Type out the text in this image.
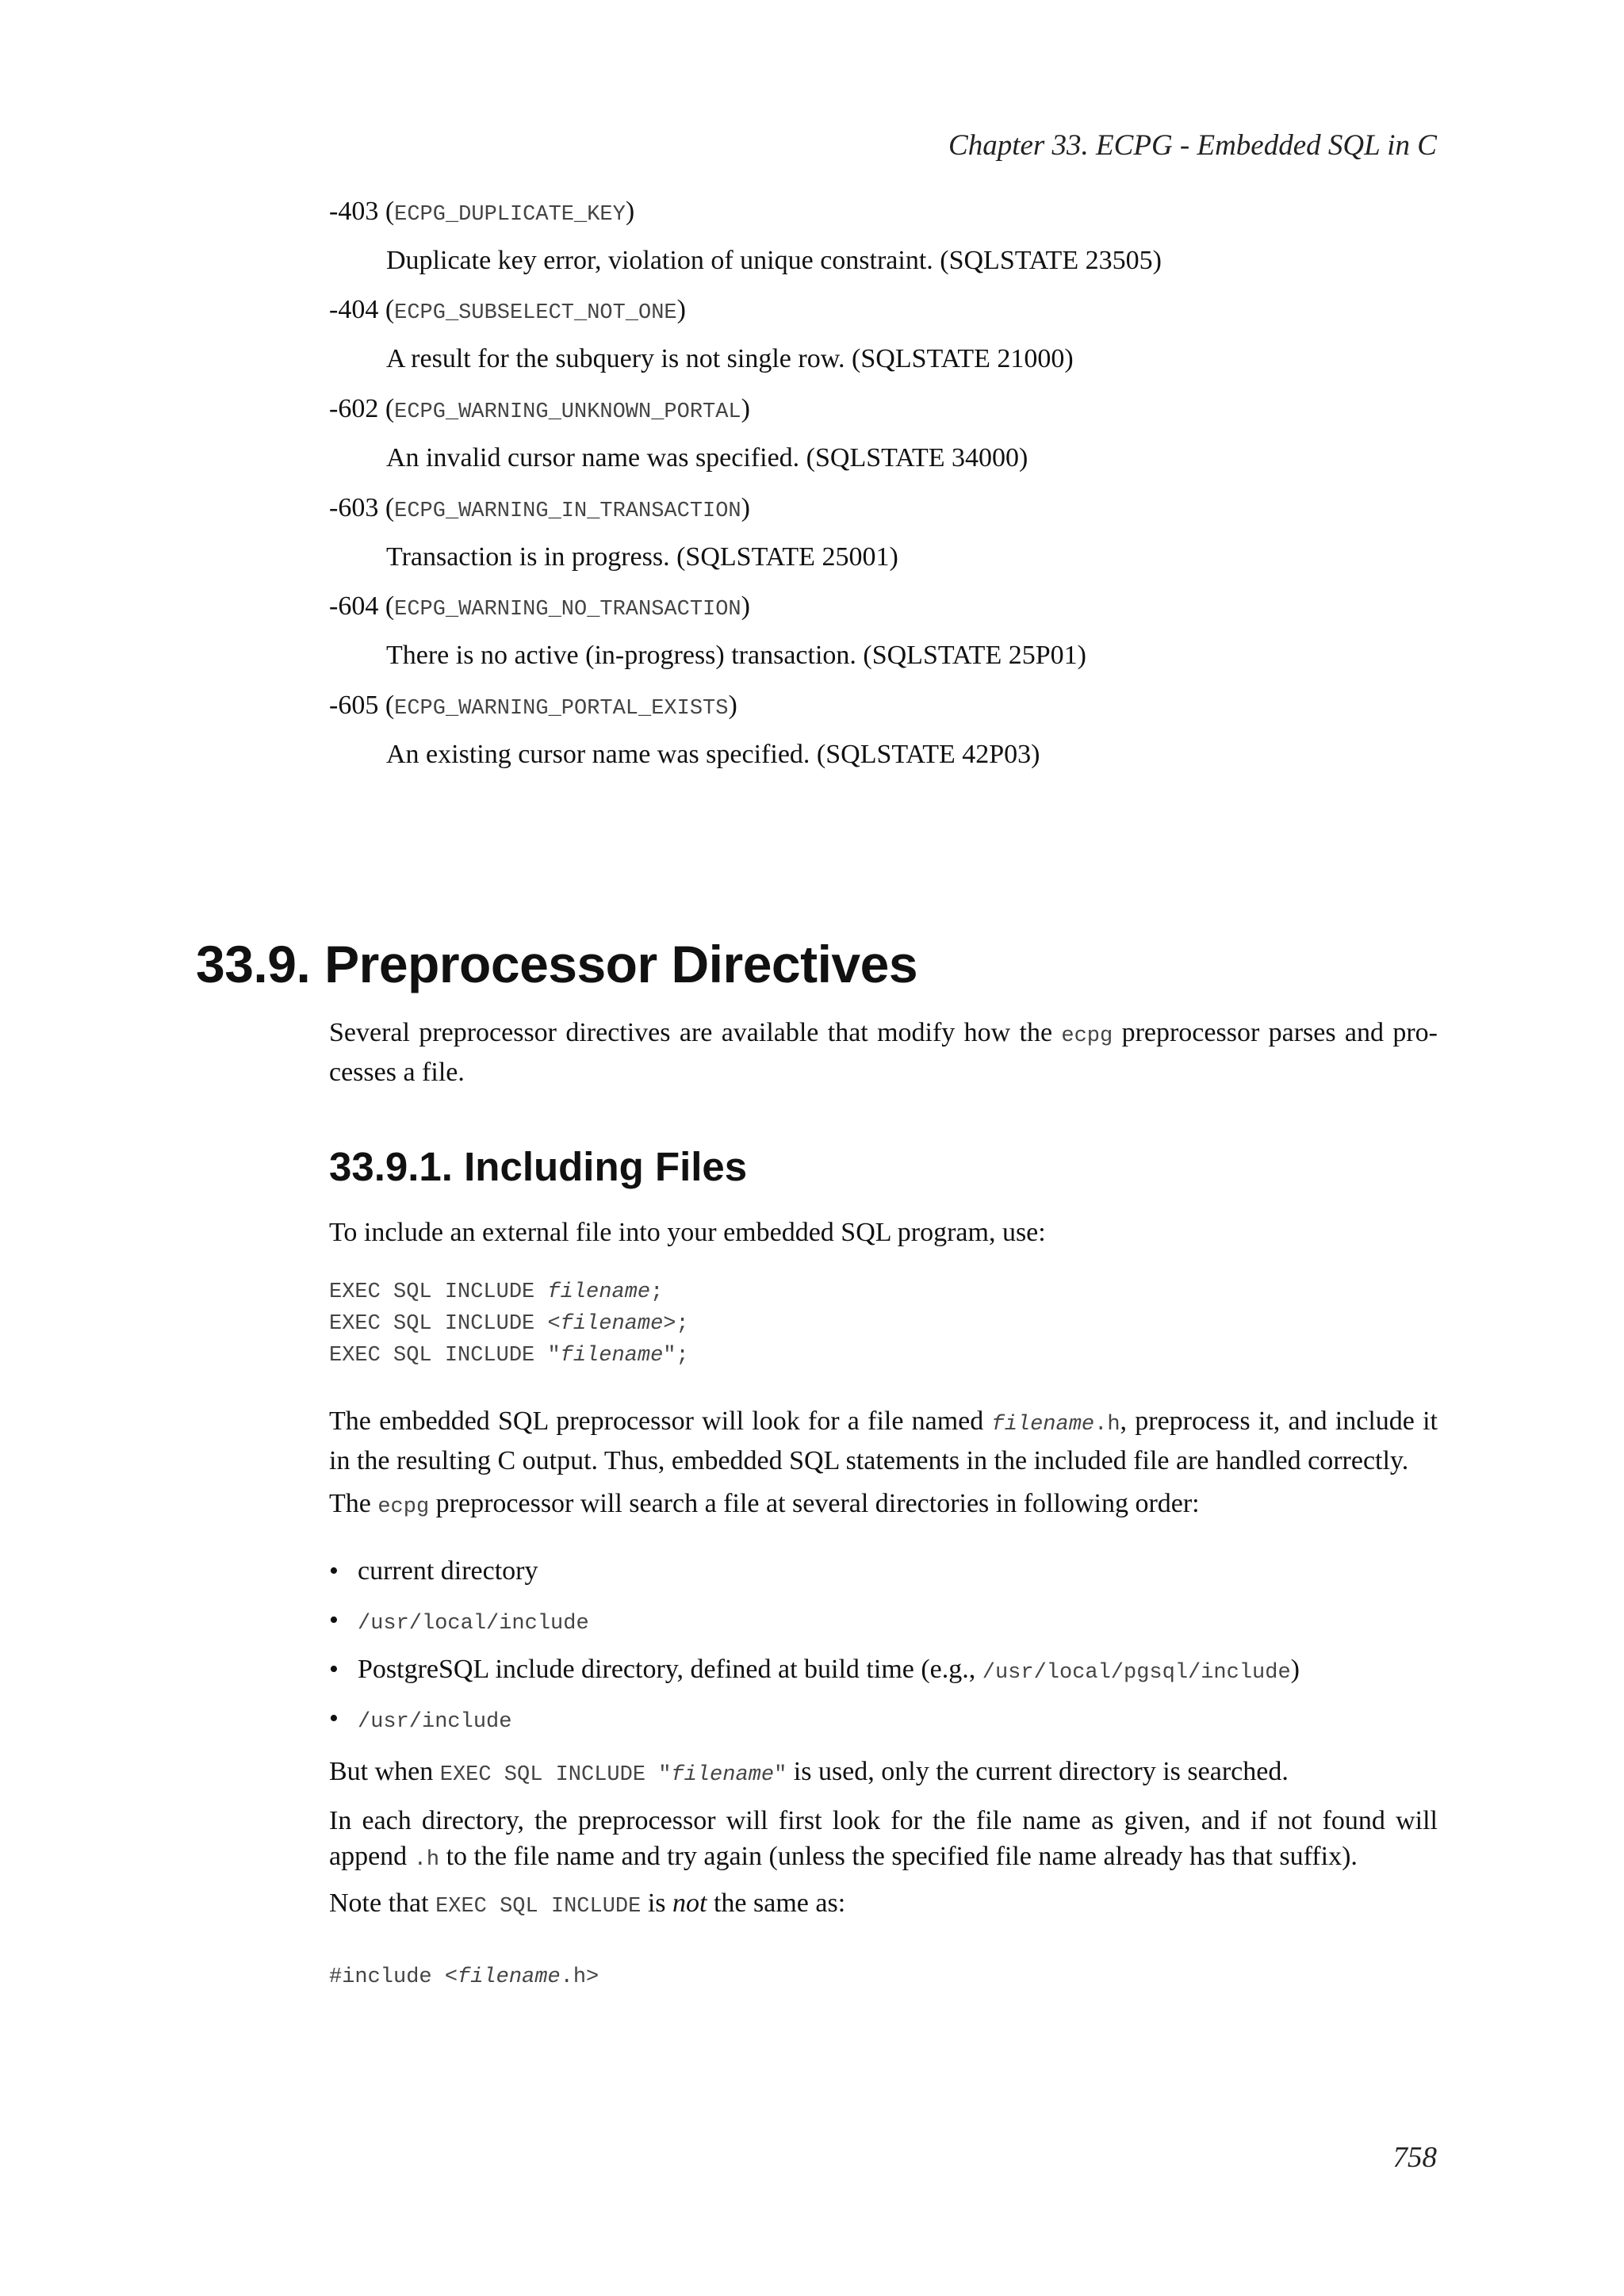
Chapter 33. ECPG - Embedded SQL in C
-403 (ECPG_DUPLICATE_KEY)
Duplicate key error, violation of unique constraint. (SQLSTATE 23505)
-404 (ECPG_SUBSELECT_NOT_ONE)
A result for the subquery is not single row. (SQLSTATE 21000)
-602 (ECPG_WARNING_UNKNOWN_PORTAL)
An invalid cursor name was specified. (SQLSTATE 34000)
-603 (ECPG_WARNING_IN_TRANSACTION)
Transaction is in progress. (SQLSTATE 25001)
-604 (ECPG_WARNING_NO_TRANSACTION)
There is no active (in-progress) transaction. (SQLSTATE 25P01)
-605 (ECPG_WARNING_PORTAL_EXISTS)
An existing cursor name was specified. (SQLSTATE 42P03)
33.9. Preprocessor Directives
Several preprocessor directives are available that modify how the ecpg preprocessor parses and pro-cesses a file.
33.9.1. Including Files
To include an external file into your embedded SQL program, use:
EXEC SQL INCLUDE filename;
EXEC SQL INCLUDE <filename>;
EXEC SQL INCLUDE "filename";
The embedded SQL preprocessor will look for a file named filename.h, preprocess it, and include it in the resulting C output. Thus, embedded SQL statements in the included file are handled correctly.
The ecpg preprocessor will search a file at several directories in following order:
• current directory
• /usr/local/include
• PostgreSQL include directory, defined at build time (e.g., /usr/local/pgsql/include)
• /usr/include
But when EXEC SQL INCLUDE "filename" is used, only the current directory is searched.
In each directory, the preprocessor will first look for the file name as given, and if not found will append .h to the file name and try again (unless the specified file name already has that suffix).
Note that EXEC SQL INCLUDE is not the same as:
#include <filename.h>
758
